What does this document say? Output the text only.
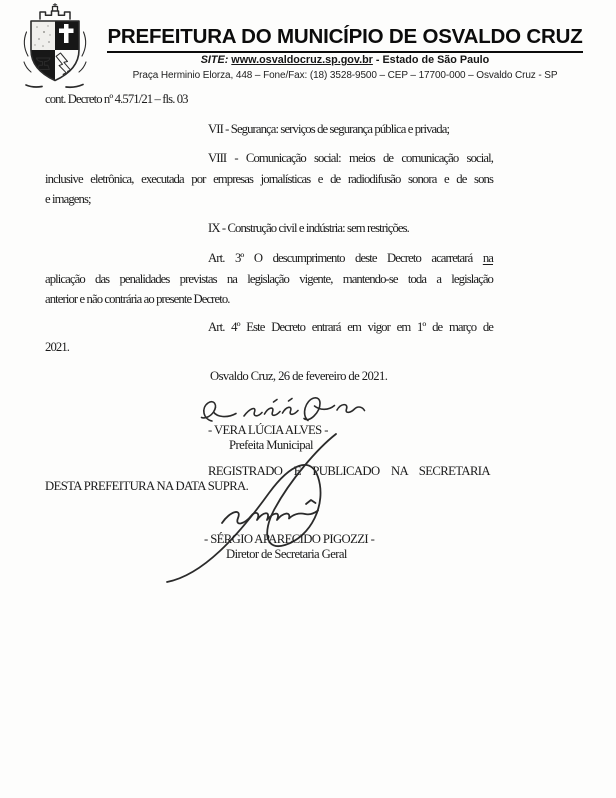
PREFEITURA DO MUNICÍPIO DE OSVALDO CRUZ
SITE: www.osvaldocruz.sp.gov.br - Estado de São Paulo
Praça Herminio Elorza, 448 – Fone/Fax: (18) 3528-9500 – CEP – 17700-000 – Osvaldo Cruz - SP
cont. Decreto nº 4.571/21 – fls. 03
VII - Segurança: serviços de segurança pública e privada;
VIII - Comunicação social: meios de comunicação social,
inclusive eletrônica, executada por empresas jornalísticas e de radiodifusão sonora e de sons
e imagens;
IX - Construção civil e indústria: sem restrições.
Art. 3º O descumprimento deste Decreto acarretará na
aplicação das penalidades previstas na legislação vigente, mantendo-se toda a legislação
anterior e não contrária ao presente Decreto.
Art. 4º Este Decreto entrará em vigor em 1º de março de
2021.
Osvaldo Cruz, 26 de fevereiro de 2021.
- VERA LÚCIA ALVES -
Prefeita Municipal
REGISTRADO E PUBLICADO NA SECRETARIA
DESTA PREFEITURA NA DATA SUPRA.
- SÉRGIO APARECIDO PIGOZZI -
Diretor de Secretaria Geral
